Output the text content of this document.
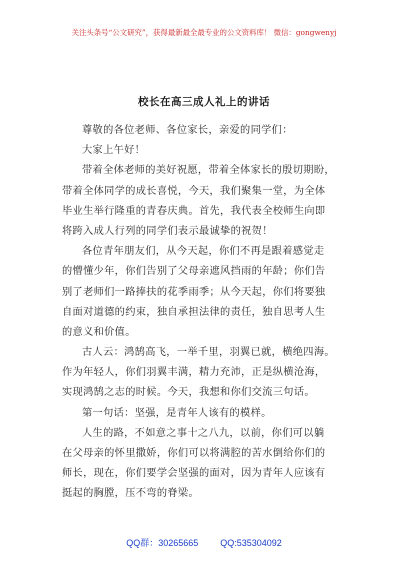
关注头条号“公文研究”，获得最新最全最专业的公文资料库！ 微信：gongwenyj
校长在高三成人礼上的讲话
尊敬的各位老师、各位家长，亲爱的同学们：
大家上午好！
带着全体老师的美好祝愿，带着全体家长的殷切期盼，
带着全体同学的成长喜悦，今天，我们聚集一堂，为全体
毕业生举行隆重的青春庆典。首先，我代表全校师生向即
将跨入成人行列的同学们表示最诚挚的祝贺！
各位青年朋友们，从今天起，你们不再是跟着感觉走
的懵懂少年，你们告别了父母亲遮风挡雨的年龄；你们告
别了老师们一路捧扶的花季雨季；从今天起，你们将要独
自面对道德的约束，独自承担法律的责任，独自思考人生
的意义和价值。
古人云：鸿鹄高飞，一举千里，羽翼已就，横绝四海。
作为年轻人，你们羽翼丰满，精力充沛，正是纵横沧海，
实现鸿鹄之志的时候。今天，我想和你们交流三句话。
第一句话：坚强，是青年人该有的模样。
人生的路，不如意之事十之八九，以前，你们可以躺
在父母亲的怀里撒娇，你们可以将满腔的苦水倒给你们的
师长，现在，你们要学会坚强的面对，因为青年人应该有
挺起的胸膛，压不弯的脊梁。
QQ群：30265665 QQ:535304092
